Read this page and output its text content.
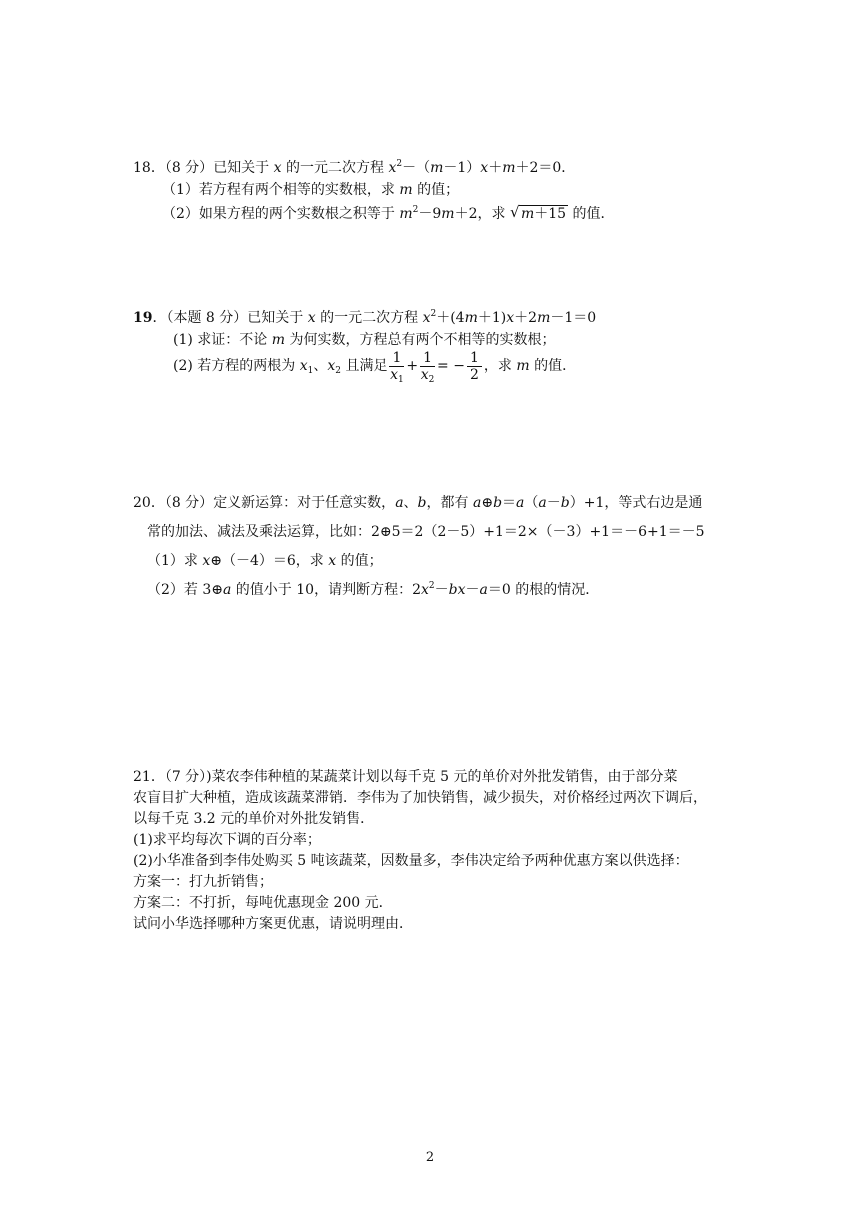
18．（8 分）已知关于 x 的一元二次方程 $x^2-(m-1)x+m+2=0$．
（1）若方程有两个相等的实数根，求 m 的值；
（2）如果方程的两个实数根之积等于 $m^2-9m+2$，求 √ m＋15 的值．
19．（本题 8 分）已知关于 x 的一元二次方程 $x^2+(4m+1)x+2m-1=0$
(1) 求证：不论 m 为何实数，方程总有两个不相等的实数根；
(2) 若方程的两根为 $x_1$、$x_2$ 且满足 $\frac{1}{x_1} + \frac{1}{x_2}$ = − $\frac{1}{2}$ ，求 m 的值．
20．（8 分）定义新运算：对于任意实数，a、b，都有 a⊕b＝a（a－b）+1，等式右边是通
常的加法、减法及乘法运算，比如：2⊕5＝2（2－5）+1＝2×（－3）+1＝－6+1＝－5
（1）求 x⊕（－4）＝6，求 x 的值；
（2）若 3⊕a 的值小于 10，请判断方程：$2x^2-bx-a=0$ 的根的情况．
21．（7 分）)菜农李伟种植的某蔬菜计划以每千克 5 元的单价对外批发销售，由于部分菜
农盲目扩大种植，造成该蔬菜滞销．李伟为了加快销售，减少损失，对价格经过两次下调后，
以每千克 3.2 元的单价对外批发销售．
(1)求平均每次下调的百分率；
(2)小华准备到李伟处购买 5 吨该蔬菜，因数量多，李伟决定给予两种优惠方案以供选择：
方案一：打九折销售；
方案二：不打折，每吨优惠现金 200 元．
试问小华选择哪种方案更优惠，请说明理由．
2
